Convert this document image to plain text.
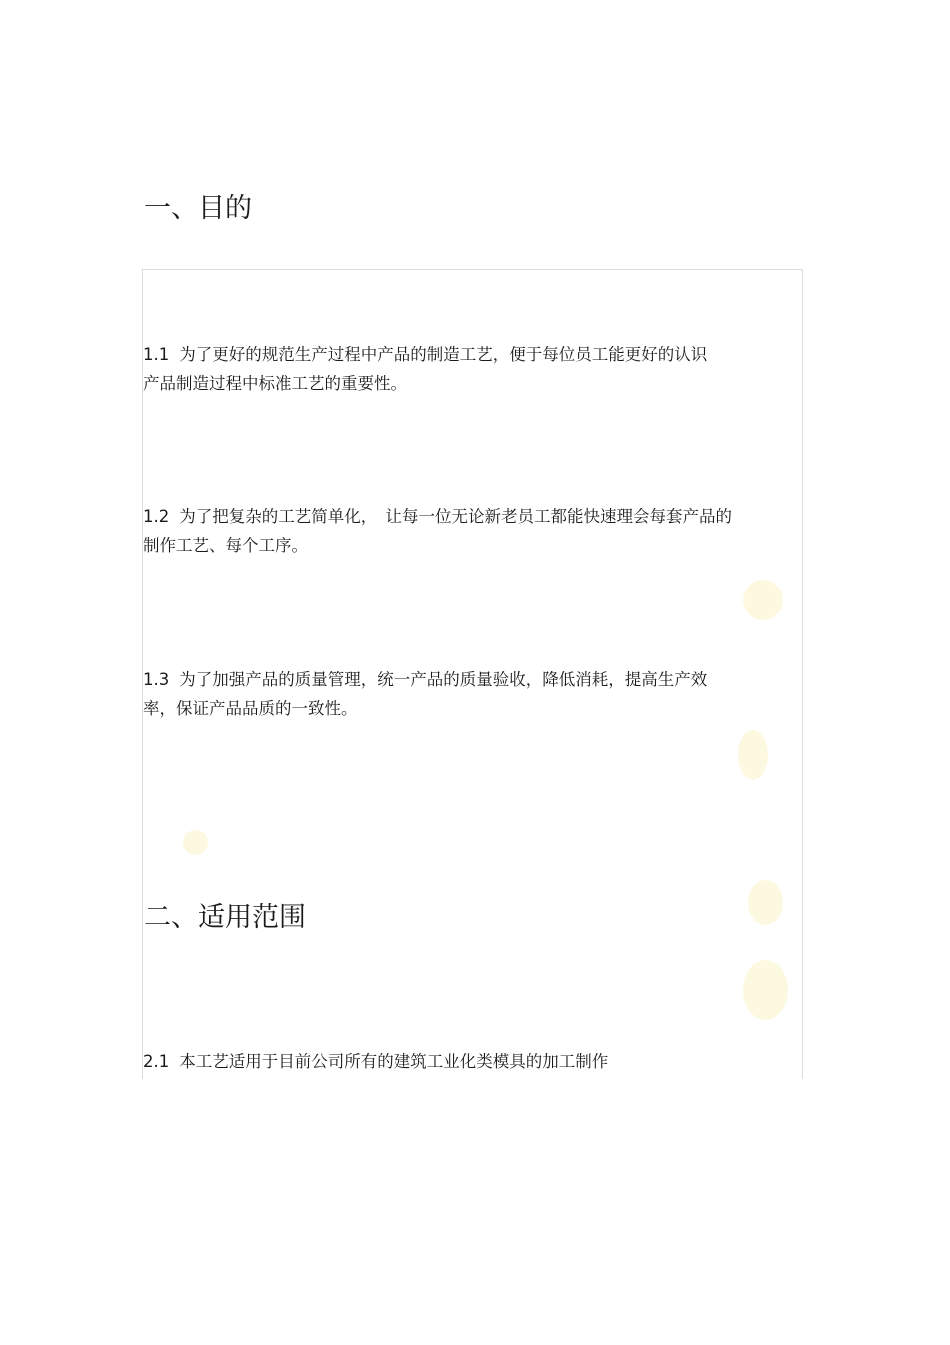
一、目的
1.1 为了更好的规范生产过程中产品的制造工艺，便于每位员工能更好的认识
产品制造过程中标准工艺的重要性。
1.2 为了把复杂的工艺简单化，　让每一位无论新老员工都能快速理会每套产品的
制作工艺、每个工序。
1.3 为了加强产品的质量管理，统一产品的质量验收，降低消耗，提高生产效
率，保证产品品质的一致性。
二、适用范围
2.1 本工艺适用于目前公司所有的建筑工业化类模具的加工制作
